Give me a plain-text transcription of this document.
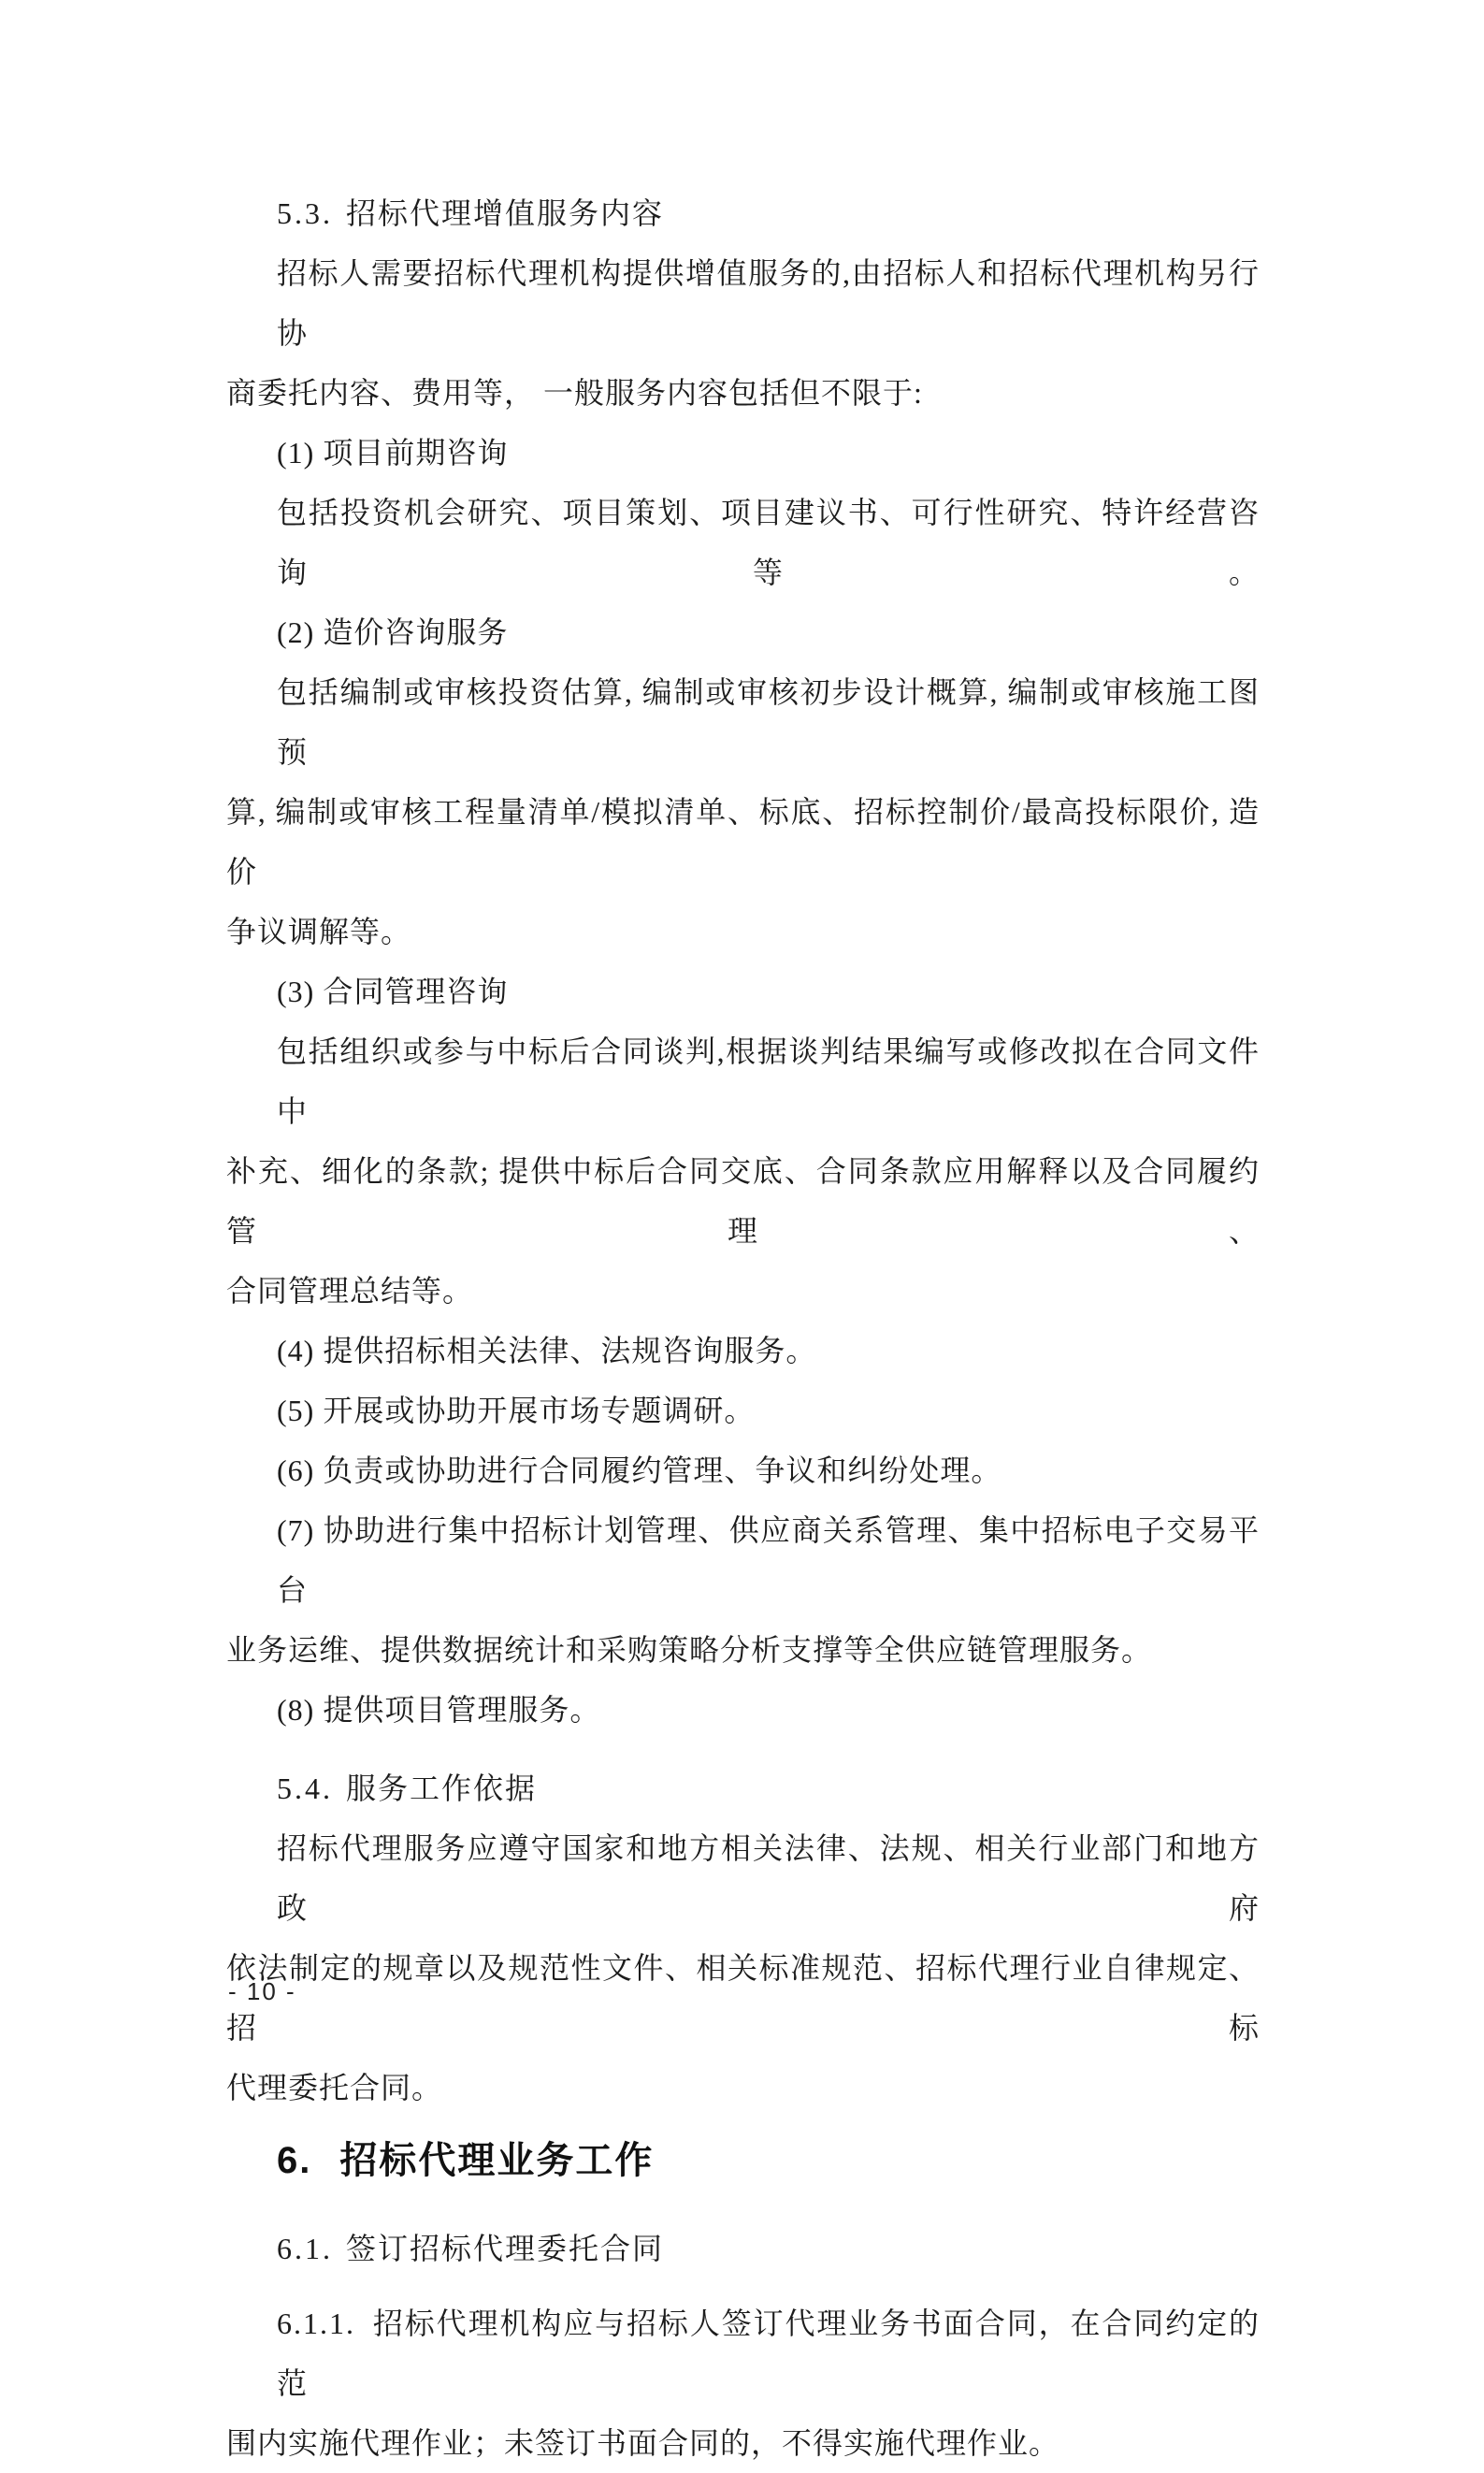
5.3. 招标代理增值服务内容
招标人需要招标代理机构提供增值服务的,由招标人和招标代理机构另行协
商委托内容、费用等， 一般服务内容包括但不限于:
(1) 项目前期咨询
包括投资机会研究、项目策划、项目建议书、可行性研究、特许经营咨询等。
(2) 造价咨询服务
包括编制或审核投资估算, 编制或审核初步设计概算, 编制或审核施工图预
算, 编制或审核工程量清单/模拟清单、标底、招标控制价/最高投标限价, 造价
争议调解等。
(3) 合同管理咨询
包括组织或参与中标后合同谈判,根据谈判结果编写或修改拟在合同文件中
补充、细化的条款; 提供中标后合同交底、合同条款应用解释以及合同履约管理、
合同管理总结等。
(4) 提供招标相关法律、法规咨询服务。
(5) 开展或协助开展市场专题调研。
(6) 负责或协助进行合同履约管理、争议和纠纷处理。
(7) 协助进行集中招标计划管理、供应商关系管理、集中招标电子交易平台
业务运维、提供数据统计和采购策略分析支撑等全供应链管理服务。
(8) 提供项目管理服务。
5.4. 服务工作依据
招标代理服务应遵守国家和地方相关法律、法规、相关行业部门和地方政府
依法制定的规章以及规范性文件、相关标准规范、招标代理行业自律规定、招标
代理委托合同。
6. 招标代理业务工作
6.1. 签订招标代理委托合同
6.1.1. 招标代理机构应与招标人签订代理业务书面合同，在合同约定的范
围内实施代理作业；未签订书面合同的，不得实施代理作业。
- 10 -
